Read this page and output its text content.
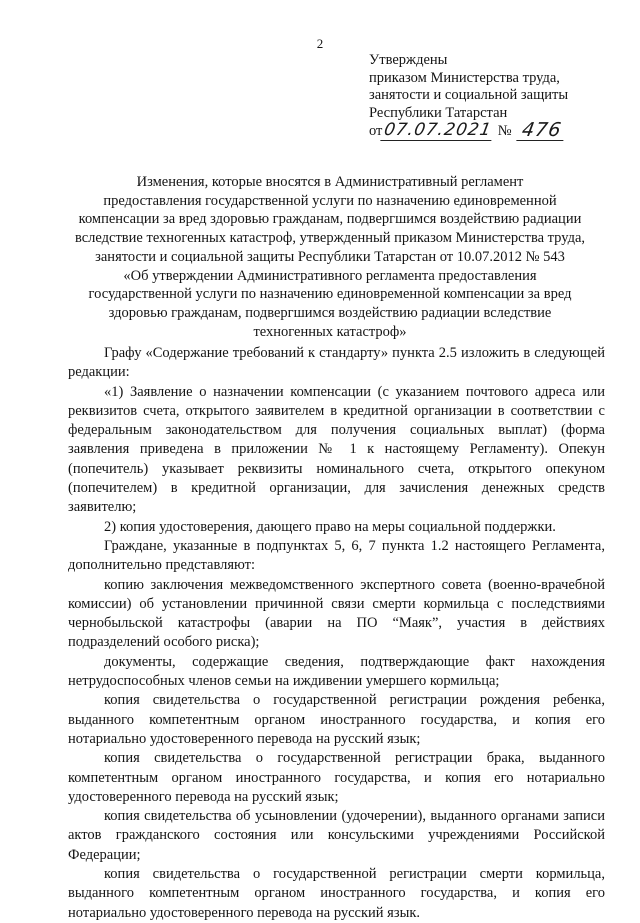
2
Утверждены
приказом Министерства труда,
занятости и социальной защиты
Республики Татарстан
от 07.07.2021 № 476
Изменения, которые вносятся в Административный регламент
предоставления государственной услуги по назначению единовременной
компенсации за вред здоровью гражданам, подвергшимся воздействию радиации
вследствие техногенных катастроф, утвержденный приказом Министерства труда,
занятости и социальной защиты Республики Татарстан от 10.07.2012 № 543
«Об утверждении Административного регламента предоставления
государственной услуги по назначению единовременной компенсации за вред
здоровью гражданам, подвергшимся воздействию радиации вследствие
техногенных катастроф»

Графу «Содержание требований к стандарту» пункта 2.5 изложить в следующей редакции:

«1) Заявление о назначении компенсации (с указанием почтового адреса или реквизитов счета, открытого заявителем в кредитной организации в соответствии с федеральным законодательством для получения социальных выплат) (форма заявления приведена в приложении № 1 к настоящему Регламенту). Опекун (попечитель) указывает реквизиты номинального счета, открытого опекуном (попечителем) в кредитной организации, для зачисления денежных средств заявителю;

2) копия удостоверения, дающего право на меры социальной поддержки.

Граждане, указанные в подпунктах 5, 6, 7 пункта 1.2 настоящего Регламента, дополнительно представляют:

копию заключения межведомственного экспертного совета (военно-врачебной комиссии) об установлении причинной связи смерти кормильца с последствиями чернобыльской катастрофы (аварии на ПО “Маяк”, участия в действиях подразделений особого риска);

документы, содержащие сведения, подтверждающие факт нахождения нетрудоспособных членов семьи на иждивении умершего кормильца;

копия свидетельства о государственной регистрации рождения ребенка, выданного компетентным органом иностранного государства, и копия его нотариально удостоверенного перевода на русский язык;

копия свидетельства о государственной регистрации брака, выданного компетентным органом иностранного государства, и копия его нотариально удостоверенного перевода на русский язык;

копия свидетельства об усыновлении (удочерении), выданного органами записи актов гражданского состояния или консульскими учреждениями Российской Федерации;

копия свидетельства о государственной регистрации смерти кормильца, выданного компетентным органом иностранного государства, и копия его нотариально удостоверенного перевода на русский язык.
